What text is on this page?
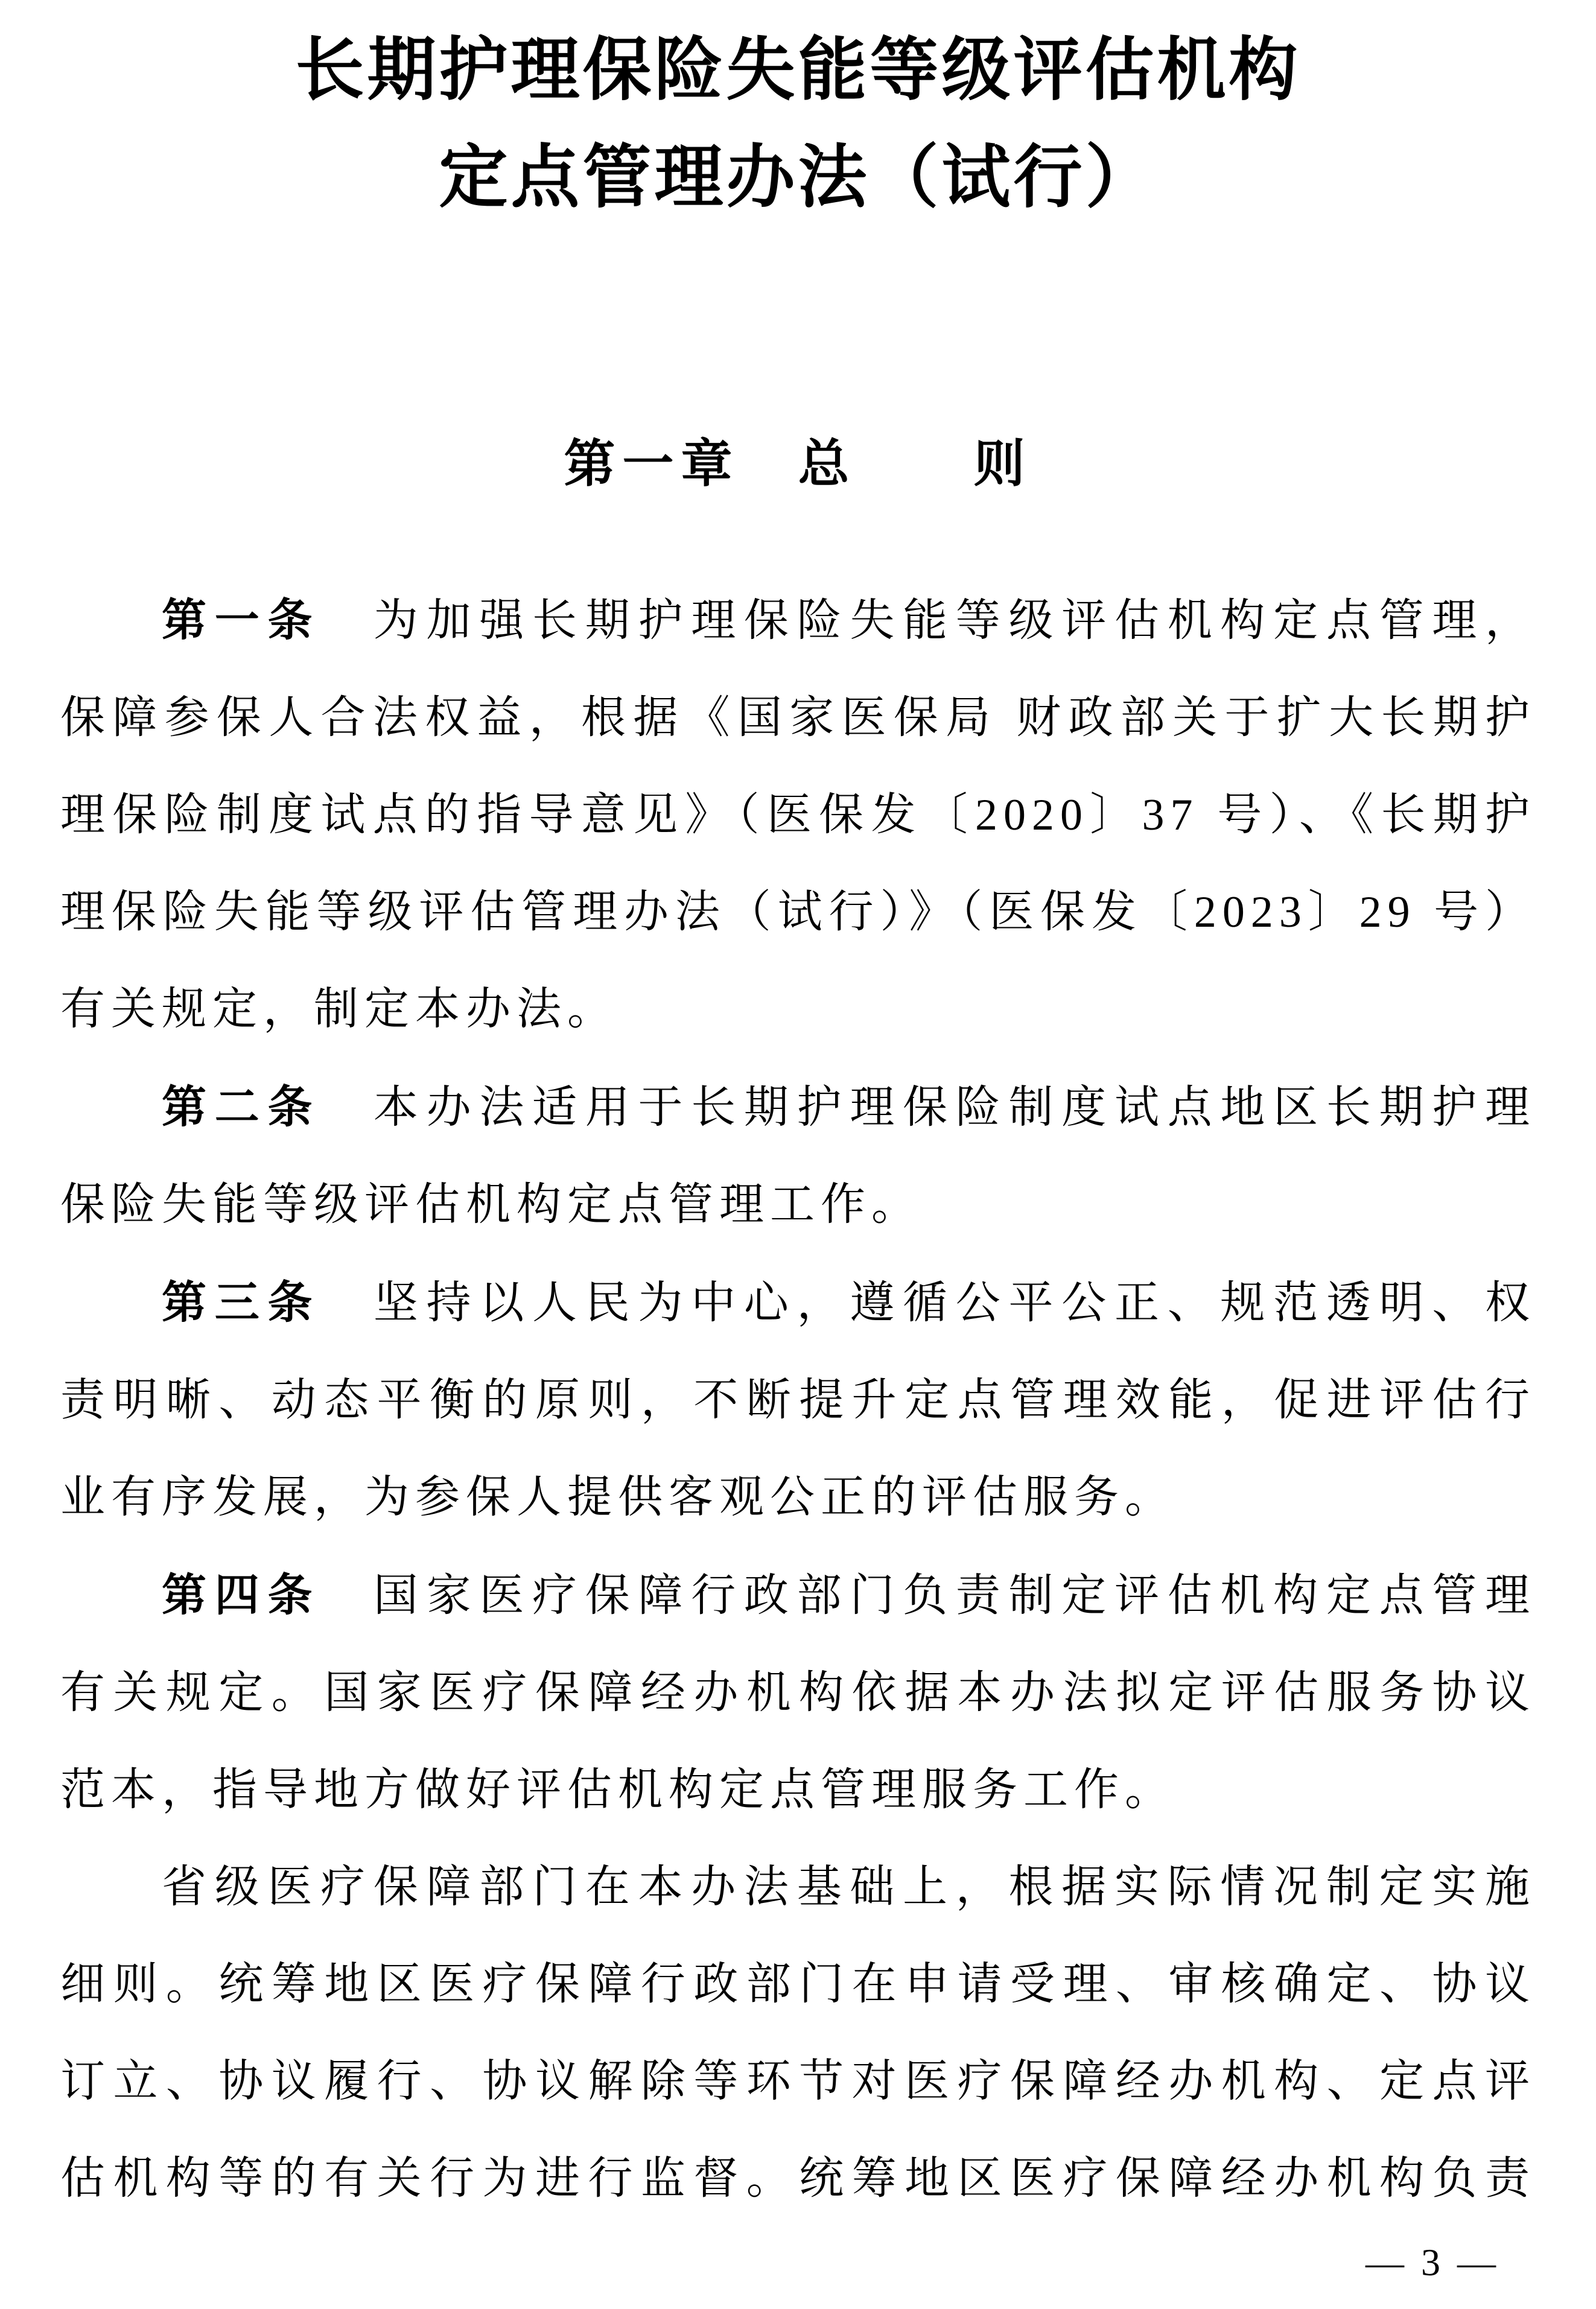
长期护理保险失能等级评估机构
定点管理办法（试行）
第一章　总　　则
第一条　为加强长期护理保险失能等级评估机构定点管理，
保障参保人合法权益，根据《国家医保局 财政部关于扩大长期护
理保险制度试点的指导意见》（医保发〔2020〕37 号）、《长期护
理保险失能等级评估管理办法（试行）》（医保发〔2023〕29 号）
有关规定，制定本办法。
第二条　本办法适用于长期护理保险制度试点地区长期护理
保险失能等级评估机构定点管理工作。
第三条　坚持以人民为中心，遵循公平公正、规范透明、权
责明晰、动态平衡的原则，不断提升定点管理效能，促进评估行
业有序发展，为参保人提供客观公正的评估服务。
第四条　国家医疗保障行政部门负责制定评估机构定点管理
有关规定。国家医疗保障经办机构依据本办法拟定评估服务协议
范本，指导地方做好评估机构定点管理服务工作。
省级医疗保障部门在本办法基础上，根据实际情况制定实施
细则。统筹地区医疗保障行政部门在申请受理、审核确定、协议
订立、协议履行、协议解除等环节对医疗保障经办机构、定点评
估机构等的有关行为进行监督。统筹地区医疗保障经办机构负责
— 3 —
